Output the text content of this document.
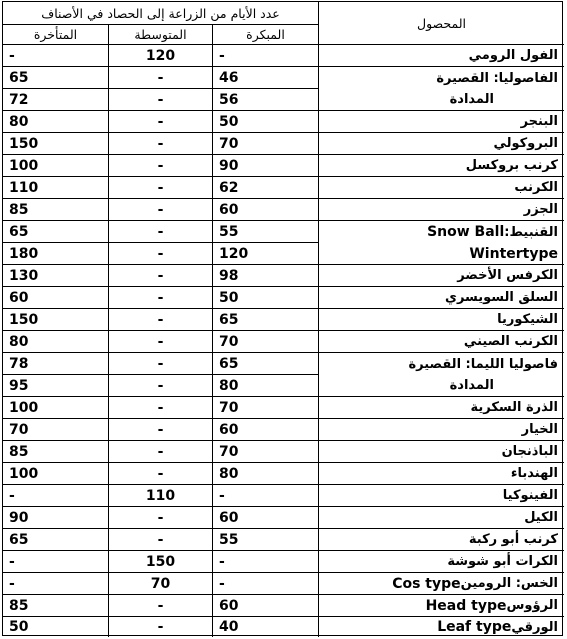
عدد الأيام من الزراعة إلى الحصاد في الأصناف
المحصول
المتأخرة	المتوسطة	المبكرة
-	120	-	الفول الرومي
65	-	46	الفاصوليا: القصيرة
72	-	56	المدادة
80	-	50	البنجر
150	-	70	البروكولي
100	-	90	كرنب بروكسل
110	-	62	الكرنب
85	-	60	الجزر
65	-	55	القنبيط:
Snow Ball
180	-	120	Wintertype
130	-	98	الكرفس الأخضر
60	-	50	السلق السويسري
150	-	65	الشيكوريا
80	-	70	الكرنب الصيني
78	-	65	فاصوليا الليما: القصيرة
95	-	80	المدادة
100	-	70	الذرة السكرية
70	-	60	الخيار
85	-	70	الباذنجان
100	-	80	الهندباء
-	110	-	الفينوكيا
90	-	60	الكيل
65	-	55	كرنب أبو ركبة
-	150	-	الكرات أبو شوشة
-	70	-	الخس: الرومين
Cos type
85	-	60	الرؤوس
Head type
50	-	40	الورقي
Leaf type
